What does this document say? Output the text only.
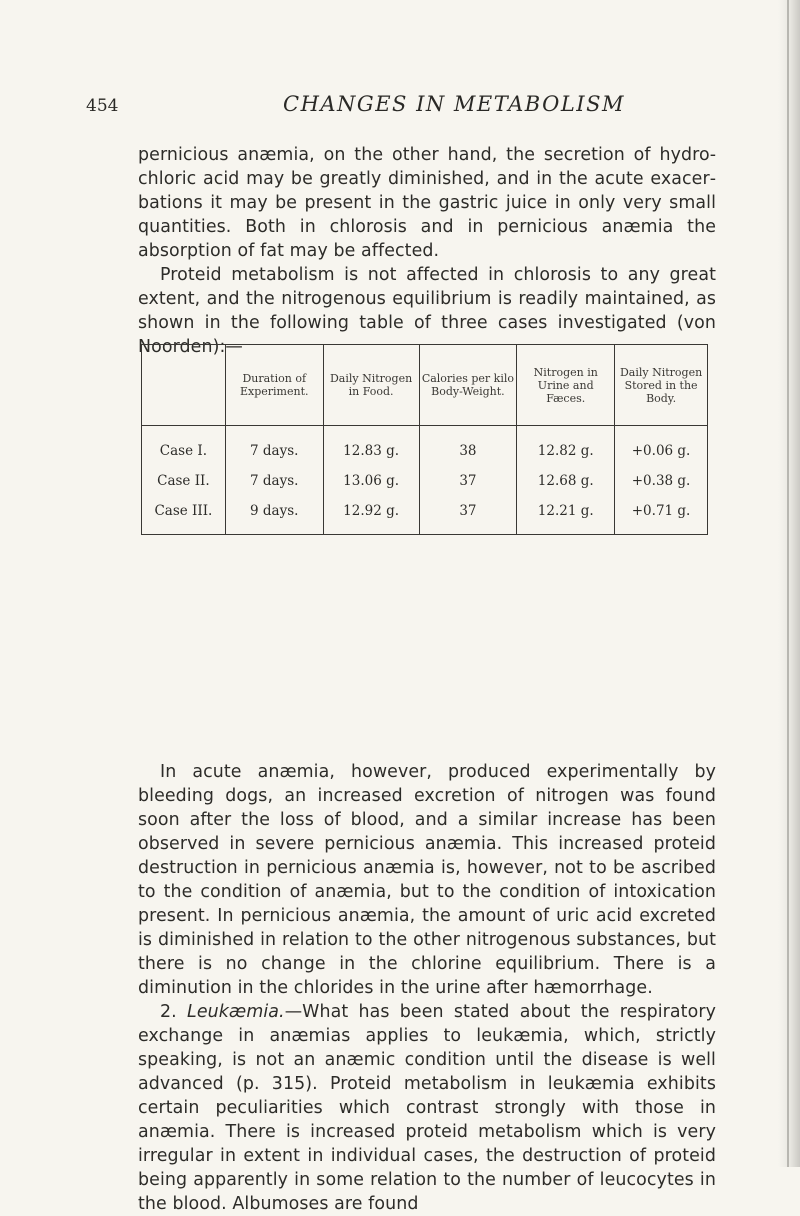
454	CHANGES IN METABOLISM

pernicious anæmia, on the other hand, the secretion of hydrochloric acid may be greatly diminished, and in the acute exacerbations it may be present in the gastric juice in only very small quantities. Both in chlorosis and in pernicious anæmia the absorption of fat may be affected.

Proteid metabolism is not affected in chlorosis to any great extent, and the nitrogenous equilibrium is readily maintained, as shown in the following table of three cases investigated (von Noorden):—

	Duration of Experiment.	Daily Nitrogen in Food.	Calories per kilo Body-Weight.	Nitrogen in Urine and Fæces.	Daily Nitrogen Stored in the Body.
Case I.	7 days.	12.83 g.	38	12.82 g.	+0.06 g.
Case II.	7 days.	13.06 g.	37	12.68 g.	+0.38 g.
Case III.	9 days.	12.92 g.	37	12.21 g.	+0.71 g.

In acute anæmia, however, produced experimentally by bleeding dogs, an increased excretion of nitrogen was found soon after the loss of blood, and a similar increase has been observed in severe pernicious anæmia. This increased proteid destruction in pernicious anæmia is, however, not to be ascribed to the condition of anæmia, but to the condition of intoxication present. In pernicious anæmia, the amount of uric acid excreted is diminished in relation to the other nitrogenous substances, but there is no change in the chlorine equilibrium. There is a diminution in the chlorides in the urine after hæmorrhage.

2. Leukæmia.—What has been stated about the respiratory exchange in anæmias applies to leukæmia, which, strictly speaking, is not an anæmic condition until the disease is well advanced (p. 315). Proteid metabolism in leukæmia exhibits certain peculiarities which contrast strongly with those in anæmia. There is increased proteid metabolism which is very irregular in extent in individual cases, the destruction of proteid being apparently in some relation to the number of leucocytes in the blood. Albumoses are found
